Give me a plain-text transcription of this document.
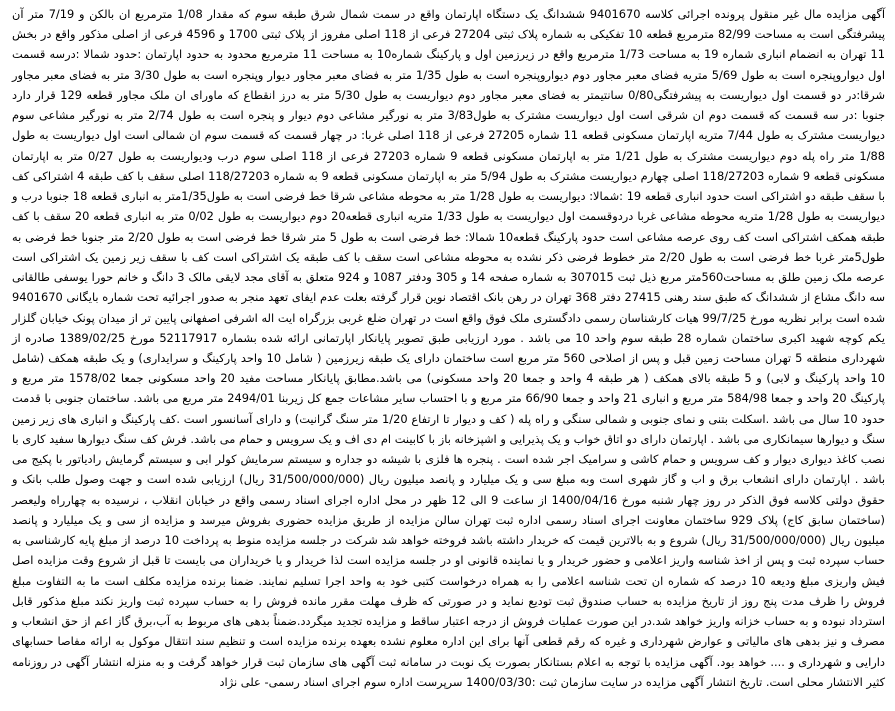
آگهی مزایده مال غیر منقول پرونده اجرائی کلاسه 9401670 ششدانگ یک دستگاه اپارتمان واقع در سمت شمال شرق طبقه سوم که مقدار 1/08 مترمربع ان بالکن و 7/19 متر آن پیشرفتگی است به مساحت 82/99 مترمربع قطعه 10 تفکیکی به شماره پلاک ثبتی 27204 فرعی از 118 اصلی مفروز از پلاک ثبتی 1700 و 4596 فرعی از اصلی مذکور واقع در بخش 11 تهران به انضمام انباری شماره 19 به مساحت 1/73 مترمربع واقع در زیرزمین اول و پارکینگ شماره10 به مساحت 11 مترمربع محدود به حدود اپارتمان :حدود شمالا :درسه قسمت اول دیواروپنجره است به طول 5/69 متریه فضای معبر مجاور دوم دیواروپنجره است به طول 1/35 متر به فضای معبر مجاور دیوار وپنجره است به طول 3/30 متر به فضای معبر مجاور شرقا:در دو قسمت اول دیواریست به پیشرفتگی0/80 سانتیمتر به فضای معبر مجاور دوم دیواریست به طول 5/30 متر به درز انقطاع که ماورای ان ملک مجاور قطعه 129 قرار دارد جنوبا :در سه قسمت که قسمت دوم ان شرقی است اول دیواریست مشترک به طول3/83 متر به نورگیر مشاعی دوم دیوار و پنجره است به طول 2/74 متر به نورگیر مشاعی سوم دیواریست مشترک به طول 7/44 متریه اپارتمان مسکونی قطعه 11 شماره 27205 فرعی از 118 اصلی غربا: در چهار قسمت که قسمت سوم ان شمالی است اول دیواریست به طول 1/88 متر راه پله دوم دیواریست مشترک به طول 1/21 متر به اپارتمان مسکونی قطعه 9 شماره 27203 فرعی از 118 اصلی سوم درب ودیواریست به طول 0/27 متر به اپارتمان مسکونی قطعه 9 شماره 118/27203 اصلی چهارم دیواریست مشترک به طول 5/94 متر به اپارتمان مسکونی قطعه 9 به شماره 118/27203 اصلی سقف با کف طبقه 4 اشتراکی کف با سقف طبقه دو اشتراکی است حدود انباری قطعه 19 :شمالا: دیواریست به طول 1/28 متر به محوطه مشاعی شرقا خط فرضی است به طول1/35متر به انباری قطعه 18 جنوبا درب و دیواریست به طول 1/28 متریه محوطه مشاعی غربا دردوقسمت اول دیواریست به طول 1/33 متریه انباری قطعه20 دوم دیواریست به طول 0/02 متر به انباری قطعه 20 سقف با کف طبقه همکف اشتراکی است کف روی عرصه مشاعی است حدود پارکینگ قطعه10 شمالا: خط فرضی است به طول 5 متر شرقا خط فرضی است به طول 2/20 متر جنوبا خط فرضی به طول5متر غربا خط فرضی است به طول 2/20 متر خطوط فرضی ذکر نشده به محوطه مشاعی است سقف با کف طبقه یک اشتراکی است کف با سقف زیر زمین یک اشتراکی است عرصه ملک زمین طلق به مساحت560متر مربع ذیل ثبت 307015 به شماره صفحه 14 و 305 ودفتر 1087 و 924 متعلق به آقای مجد لایقی مالک 3 دانگ و خانم حورا یوسفی طالقانی سه دانگ مشاع از ششدانگ که طبق سند رهنی 27415 دفتر 368 تهران در رهن بانک اقتصاد نوین قرار گرفته بعلت عدم ایفای تعهد منجر به صدور اجرائیه تحت شماره بایگانی 9401670 شده است برابر نظریه مورخ 99/7/25 هیات کارشناسان رسمی دادگستری ملک فوق واقع است در تهران ضلع غربی بزرگراه ایت اله اشرفی اصفهانی پایین تر از میدان پونک خیابان گلزار یکم کوچه شهید اکبری ساختمان شماره 28 طبقه سوم واحد 10 می باشد . مورد ارزیابی طبق تصویر پایانکار اپارتمانی ارائه شده بشماره 52117917 مورخ 1389/02/25 صادره از شهرداری منطقه 5 تهران مساحت زمین قبل و پس از اصلاحی 560 متر مربع است ساختمان دارای یک طبقه زیرزمین ( شامل 10 واحد پارکینگ و سرایداری) و یک طبقه همکف (شامل 10 واحد پارکینگ و لابی) و 5 طبقه بالای همکف ( هر طبقه 4 واحد و جمعا 20 واحد مسکونی) می باشد.مطابق پایانکار مساحت مفید 20 واحد مسکونی جمعا 1578/02 متر مربع و پارکینگ 20 واحد و جمعا 584/98 متر مربع و انباری 21 واحد و جمعا 66/90 متر مربع و با احتساب سایر مشاعات جمع کل زیربنا 2494/01 متر مربع می باشد. ساختمان جنوبی با قدمت حدود 10 سال می باشد .اسکلت بتنی و نمای جنوبی و شمالی سنگی و راه پله ( کف و دیوار تا ارتفاع 1/20 متر سنگ گرانیت) و دارای آسانسور است .کف پارکینگ و انباری های زیر زمین سنگ و دیوارها سیمانکاری می باشد . اپارتمان دارای دو اتاق خواب و یک پذیرایی و اشپزخانه باز با کابینت ام دی اف و یک سرویس و حمام می باشد. فرش کف سنگ دیوارها سفید کاری با نصب کاغذ دیواری دیوار و کف سرویس و حمام کاشی و سرامیک اجر شده است . پنجره ها فلزی با شیشه دو جداره و سیستم سرمایش کولر ابی و سیستم گرمایش رادیاتور با پکیج می باشد . اپارتمان دارای انشعاب برق و اب و گاز شهری است وبه مبلغ سی و یک میلیارد و پانصد میلیون ریال (31/500/000/000 ریال) ارزیابی شده است و جهت وصول طلب بانک و حقوق دولتی کلاسه فوق الذکر در روز چهار شنبه مورخ 1400/04/16 از ساعت 9 الی 12 ظهر در محل اداره اجرای اسناد رسمی واقع در خیابان انقلاب ، نرسیده به چهارراه ولیعصر (ساختمان سابق کاج) پلاک 929 ساختمان معاونت اجرای اسناد رسمی اداره ثبت تهران سالن مزایده از طریق مزایده حضوری بفروش میرسد و مزایده از سی و یک میلیارد و پانصد میلیون ریال (31/500/000/000 ریال) شروع و به بالاترین قیمت که خریدار داشته باشد فروخته خواهد شد شرکت در جلسه مزایده منوط به پرداخت 10 درصد از مبلغ پایه کارشناسی به حساب سپرده ثبت و پس از اخذ شناسه واریز اعلامی و حضور خریدار و یا نماینده قانونی او در جلسه مزایده است لذا خریدار و یا خریداران می بایست تا قبل از شروع وقت مزایده اصل فیش واریزی مبلغ ودیعه 10 درصد که شماره ان تحت شناسه اعلامی را به همراه درخواست کتبی خود به واحد اجرا تسلیم نمایند. ضمنا برنده مزایده مکلف است ما به التفاوت مبلغ فروش را ظرف مدت پنج روز از تاریخ مزایده به حساب صندوق ثبت تودیع نماید و در صورتی که ظرف مهلت مقرر مانده فروش را به حساب سپرده ثبت واریز نکند مبلغ مذکور قابل استرداد نبوده و به حساب خزانه واریز خواهد شد.در این صورت عملیات فروش از درجه اعتبار ساقط و مزایده تجدید میگردد.ضمناً بدهی های مربوط به آب،برق گاز اعم از حق انشعاب و مصرف و نیز بدهی های مالیاتی و عوارض شهرداری و غیره که رقم قطعی آنها برای این اداره معلوم نشده بعهده برنده مزایده است و تنظیم سند انتقال موکول به ارائه مفاصا حسابهای دارایی و شهرداری و .... خواهد بود. آگهی مزایده با توجه به اعلام بستانکار بصورت یک نوبت در سامانه ثبت آگهی های سازمان ثبت قرار خواهد گرفت و به منزله انتشار آگهی در روزنامه کثیر الانتشار محلی است. تاریخ انتشار آگهی مزایده در سایت سازمان ثبت :1400/03/30 سرپرست اداره سوم اجرای اسناد رسمی- علی نژاد
